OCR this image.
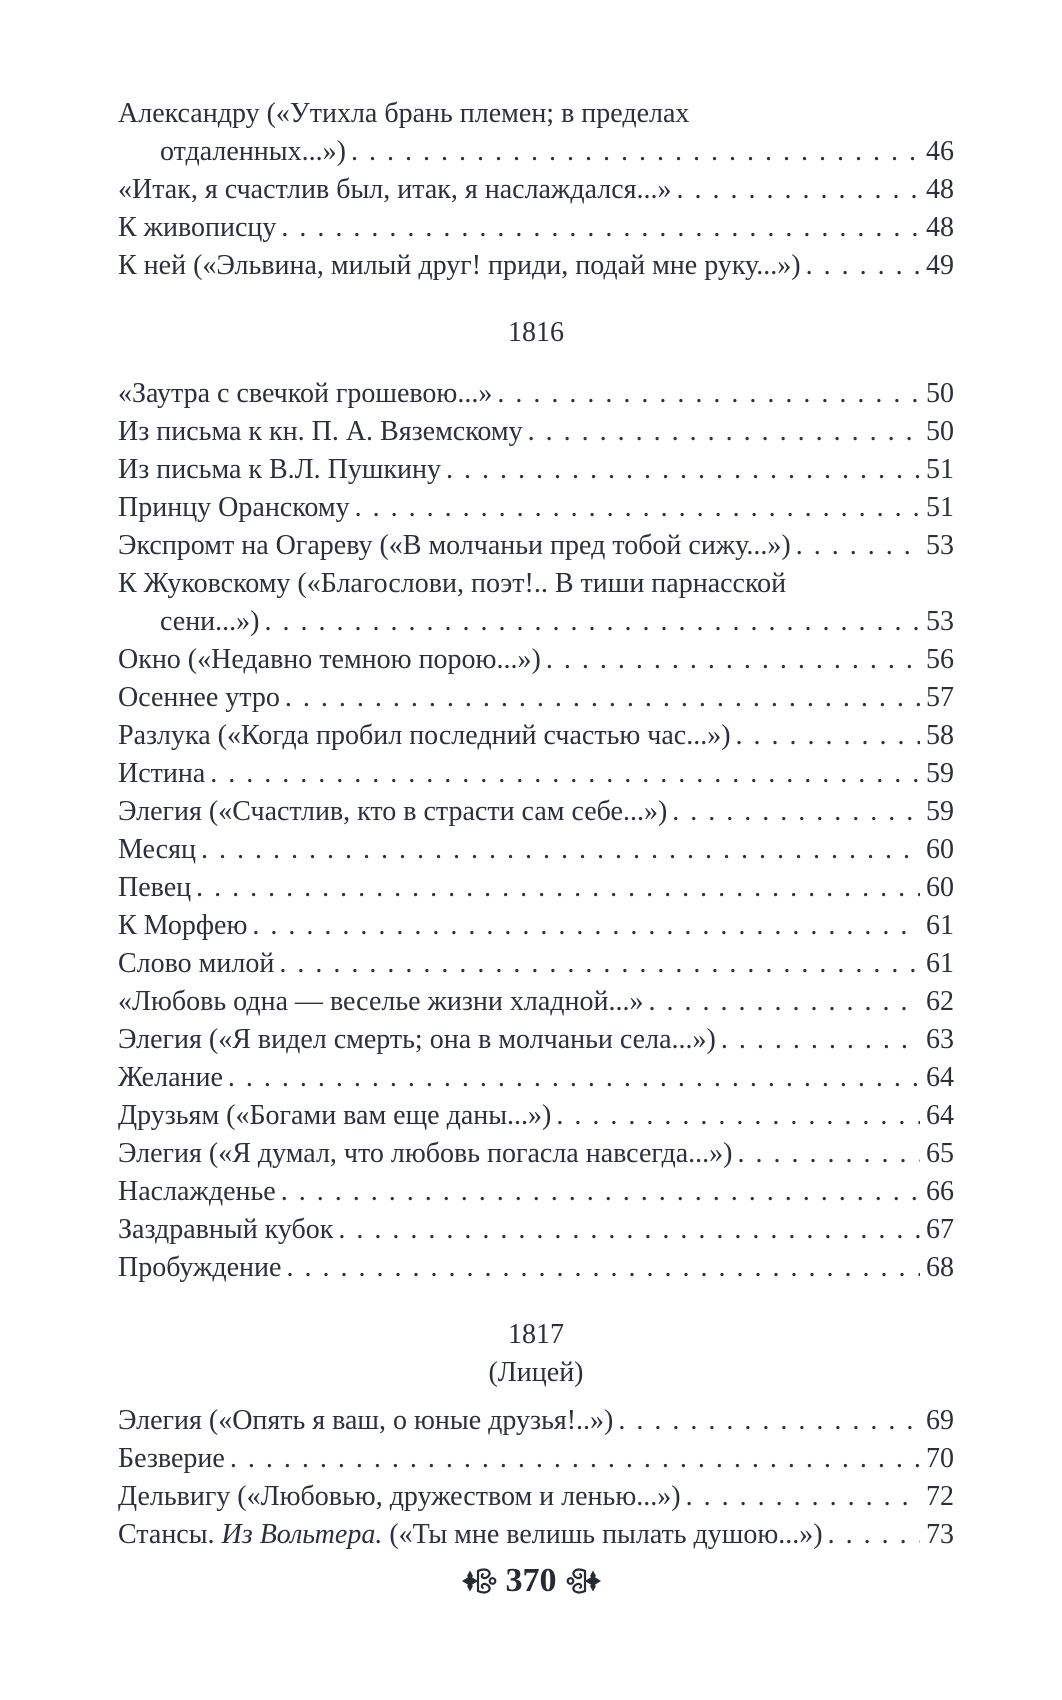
Александру («Утихла брань племен; в пределах
отдаленных...») .....	46
«Итак, я счастлив был, итак, я наслаждался...» .....	48
К живописцу .....	48
К ней («Эльвина, милый друг! приди, подай мне руку...») .....	49
1816
«Заутра с свечкой грошевою...» .....	50
Из письма к кн. П. А. Вяземскому .....	50
Из письма к В.Л. Пушкину .....	51
Принцу Оранскому .....	51
Экспромт на Огареву («В молчаньи пред тобой сижу...») .....	53
К Жуковскому («Благослови, поэт!.. В тиши парнасской
сени...») .....	53
Окно («Недавно темною порою...») .....	56
Осеннее утро .....	57
Разлука («Когда пробил последний счастью час...») .....	58
Истина .....	59
Элегия («Счастлив, кто в страсти сам себе...») .....	59
Месяц .....	60
Певец .....	60
К Морфею .....	61
Слово милой .....	61
«Любовь одна — веселье жизни хладной...» .....	62
Элегия («Я видел смерть; она в молчаньи села...») .....	63
Желание .....	64
Друзьям («Богами вам еще даны...») .....	64
Элегия («Я думал, что любовь погасла навсегда...») .....	65
Наслажденье .....	66
Заздравный кубок .....	67
Пробуждение .....	68
1817
(Лицей)
Элегия («Опять я ваш, о юные друзья!..») .....	69
Безверие .....	70
Дельвигу («Любовью, дружеством и ленью...») .....	72
Стансы. Из Вольтера. («Ты мне велишь пылать душою...») .....	73
370
